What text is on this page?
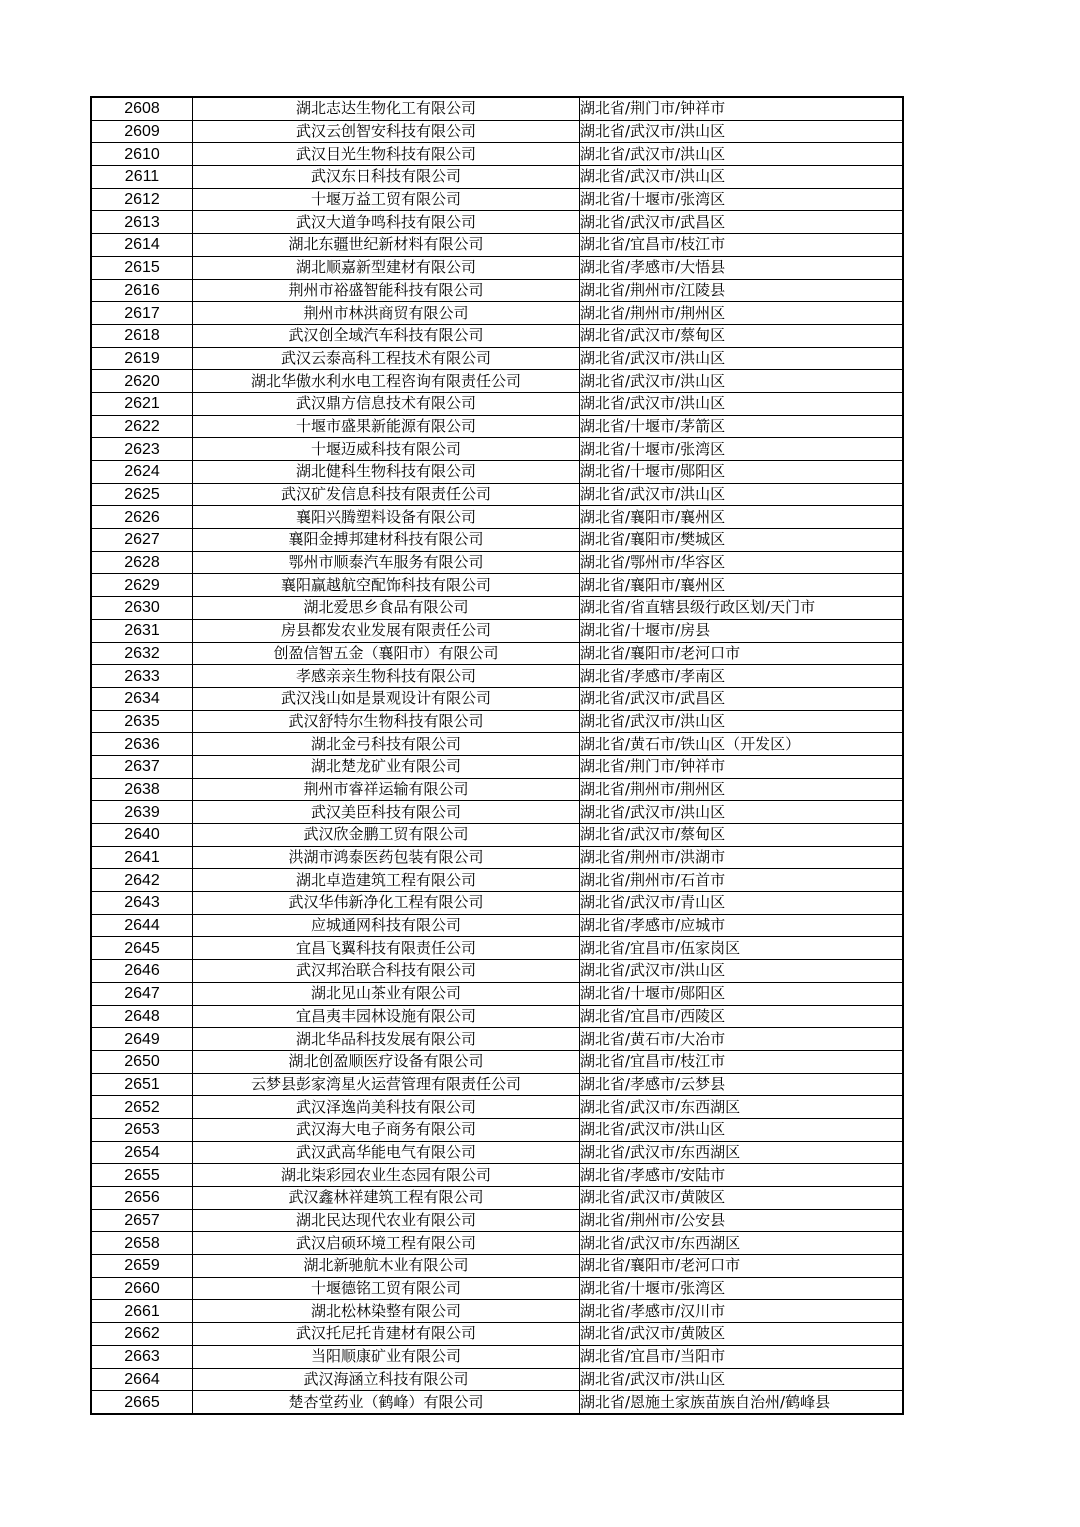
2608	湖北志达生物化工有限公司	湖北省/荆门市/钟祥市
2609	武汉云创智安科技有限公司	湖北省/武汉市/洪山区
2610	武汉目光生物科技有限公司	湖北省/武汉市/洪山区
2611	武汉东日科技有限公司	湖北省/武汉市/洪山区
2612	十堰万益工贸有限公司	湖北省/十堰市/张湾区
2613	武汉大道争鸣科技有限公司	湖北省/武汉市/武昌区
2614	湖北东疆世纪新材料有限公司	湖北省/宜昌市/枝江市
2615	湖北顺嘉新型建材有限公司	湖北省/孝感市/大悟县
2616	荆州市裕盛智能科技有限公司	湖北省/荆州市/江陵县
2617	荆州市林洪商贸有限公司	湖北省/荆州市/荆州区
2618	武汉创全域汽车科技有限公司	湖北省/武汉市/蔡甸区
2619	武汉云泰高科工程技术有限公司	湖北省/武汉市/洪山区
2620	湖北华傲水利水电工程咨询有限责任公司	湖北省/武汉市/洪山区
2621	武汉鼎方信息技术有限公司	湖北省/武汉市/洪山区
2622	十堰市盛果新能源有限公司	湖北省/十堰市/茅箭区
2623	十堰迈威科技有限公司	湖北省/十堰市/张湾区
2624	湖北健科生物科技有限公司	湖北省/十堰市/郧阳区
2625	武汉矿发信息科技有限责任公司	湖北省/武汉市/洪山区
2626	襄阳兴腾塑料设备有限公司	湖北省/襄阳市/襄州区
2627	襄阳金搏邦建材科技有限公司	湖北省/襄阳市/樊城区
2628	鄂州市顺泰汽车服务有限公司	湖北省/鄂州市/华容区
2629	襄阳赢越航空配饰科技有限公司	湖北省/襄阳市/襄州区
2630	湖北爱思乡食品有限公司	湖北省/省直辖县级行政区划/天门市
2631	房县都发农业发展有限责任公司	湖北省/十堰市/房县
2632	创盈信智五金（襄阳市）有限公司	湖北省/襄阳市/老河口市
2633	孝感亲亲生物科技有限公司	湖北省/孝感市/孝南区
2634	武汉浅山如是景观设计有限公司	湖北省/武汉市/武昌区
2635	武汉舒特尔生物科技有限公司	湖北省/武汉市/洪山区
2636	湖北金弓科技有限公司	湖北省/黄石市/铁山区（开发区）
2637	湖北楚龙矿业有限公司	湖北省/荆门市/钟祥市
2638	荆州市睿祥运输有限公司	湖北省/荆州市/荆州区
2639	武汉美臣科技有限公司	湖北省/武汉市/洪山区
2640	武汉欣金鹏工贸有限公司	湖北省/武汉市/蔡甸区
2641	洪湖市鸿泰医药包装有限公司	湖北省/荆州市/洪湖市
2642	湖北卓造建筑工程有限公司	湖北省/荆州市/石首市
2643	武汉华伟新净化工程有限公司	湖北省/武汉市/青山区
2644	应城通网科技有限公司	湖北省/孝感市/应城市
2645	宜昌飞翼科技有限责任公司	湖北省/宜昌市/伍家岗区
2646	武汉邦治联合科技有限公司	湖北省/武汉市/洪山区
2647	湖北见山茶业有限公司	湖北省/十堰市/郧阳区
2648	宜昌夷丰园林设施有限公司	湖北省/宜昌市/西陵区
2649	湖北华品科技发展有限公司	湖北省/黄石市/大冶市
2650	湖北创盈顺医疗设备有限公司	湖北省/宜昌市/枝江市
2651	云梦县彭家湾星火运营管理有限责任公司	湖北省/孝感市/云梦县
2652	武汉泽逸尚美科技有限公司	湖北省/武汉市/东西湖区
2653	武汉海大电子商务有限公司	湖北省/武汉市/洪山区
2654	武汉武高华能电气有限公司	湖北省/武汉市/东西湖区
2655	湖北柒彩园农业生态园有限公司	湖北省/孝感市/安陆市
2656	武汉鑫林祥建筑工程有限公司	湖北省/武汉市/黄陂区
2657	湖北民达现代农业有限公司	湖北省/荆州市/公安县
2658	武汉启硕环境工程有限公司	湖北省/武汉市/东西湖区
2659	湖北新驰航木业有限公司	湖北省/襄阳市/老河口市
2660	十堰德铭工贸有限公司	湖北省/十堰市/张湾区
2661	湖北松林染整有限公司	湖北省/孝感市/汉川市
2662	武汉托尼托肯建材有限公司	湖北省/武汉市/黄陂区
2663	当阳顺康矿业有限公司	湖北省/宜昌市/当阳市
2664	武汉海涵立科技有限公司	湖北省/武汉市/洪山区
2665	楚杏堂药业（鹤峰）有限公司	湖北省/恩施土家族苗族自治州/鹤峰县
